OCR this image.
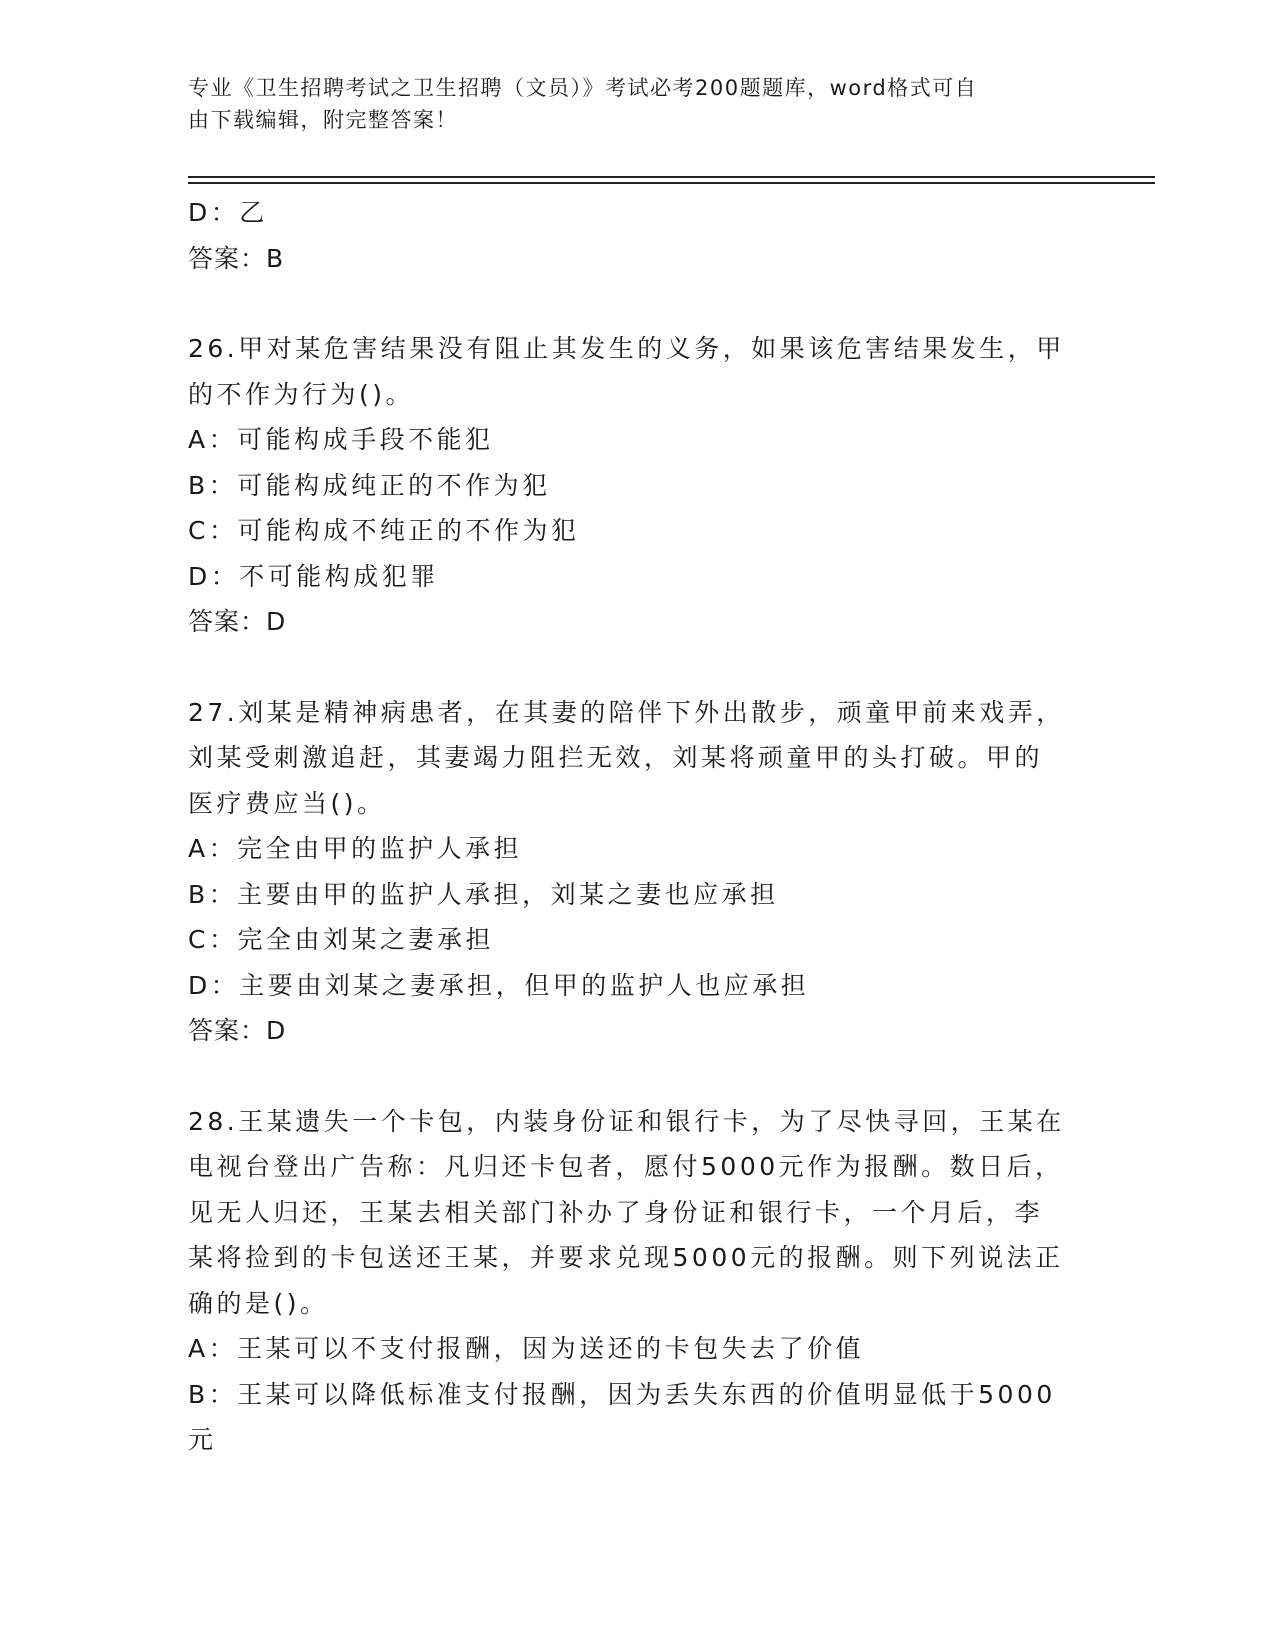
专业《卫生招聘考试之卫生招聘（文员）》考试必考200题题库，word格式可自
由下载编辑，附完整答案！
D：乙
答案：B
26.甲对某危害结果没有阻止其发生的义务，如果该危害结果发生，甲
的不作为行为()。
A：可能构成手段不能犯
B：可能构成纯正的不作为犯
C：可能构成不纯正的不作为犯
D：不可能构成犯罪
答案：D
27.刘某是精神病患者，在其妻的陪伴下外出散步，顽童甲前来戏弄，
刘某受刺激追赶，其妻竭力阻拦无效，刘某将顽童甲的头打破。甲的
医疗费应当()。
A：完全由甲的监护人承担
B：主要由甲的监护人承担，刘某之妻也应承担
C：完全由刘某之妻承担
D：主要由刘某之妻承担，但甲的监护人也应承担
答案：D
28.王某遗失一个卡包，内装身份证和银行卡，为了尽快寻回，王某在
电视台登出广告称：凡归还卡包者，愿付5000元作为报酬。数日后，
见无人归还，王某去相关部门补办了身份证和银行卡，一个月后，李
某将捡到的卡包送还王某，并要求兑现5000元的报酬。则下列说法正
确的是()。
A：王某可以不支付报酬，因为送还的卡包失去了价值
B：王某可以降低标准支付报酬，因为丢失东西的价值明显低于5000
元
